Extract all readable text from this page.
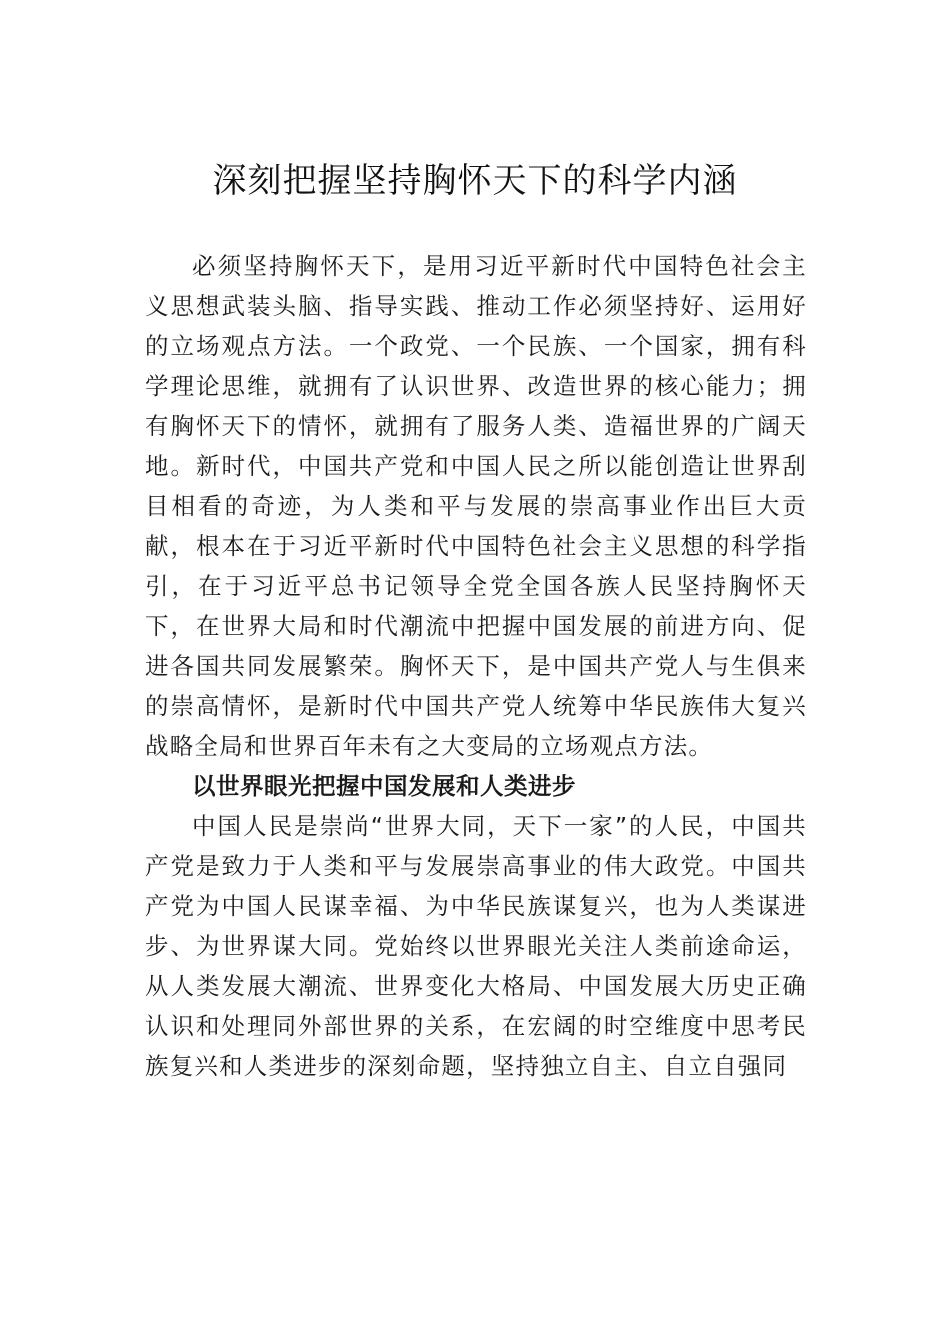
深刻把握坚持胸怀天下的科学内涵

必须坚持胸怀天下，是用习近平新时代中国特色社会主义思想武装头脑、指导实践、推动工作必须坚持好、运用好的立场观点方法。一个政党、一个民族、一个国家，拥有科学理论思维，就拥有了认识世界、改造世界的核心能力；拥有胸怀天下的情怀，就拥有了服务人类、造福世界的广阔天地。新时代，中国共产党和中国人民之所以能创造让世界刮目相看的奇迹，为人类和平与发展的崇高事业作出巨大贡献，根本在于习近平新时代中国特色社会主义思想的科学指引，在于习近平总书记领导全党全国各族人民坚持胸怀天下，在世界大局和时代潮流中把握中国发展的前进方向、促进各国共同发展繁荣。胸怀天下，是中国共产党人与生俱来的崇高情怀，是新时代中国共产党人统筹中华民族伟大复兴战略全局和世界百年未有之大变局的立场观点方法。

以世界眼光把握中国发展和人类进步

中国人民是崇尚“世界大同，天下一家”的人民，中国共产党是致力于人类和平与发展崇高事业的伟大政党。中国共产党为中国人民谋幸福、为中华民族谋复兴，也为人类谋进步、为世界谋大同。党始终以世界眼光关注人类前途命运， 从人类发展大潮流、世界变化大格局、中国发展大历史正确认识和处理同外部世界的关系，在宏阔的时空维度中思考民族复兴和人类进步的深刻命题，坚持独立自主、自立自强同
